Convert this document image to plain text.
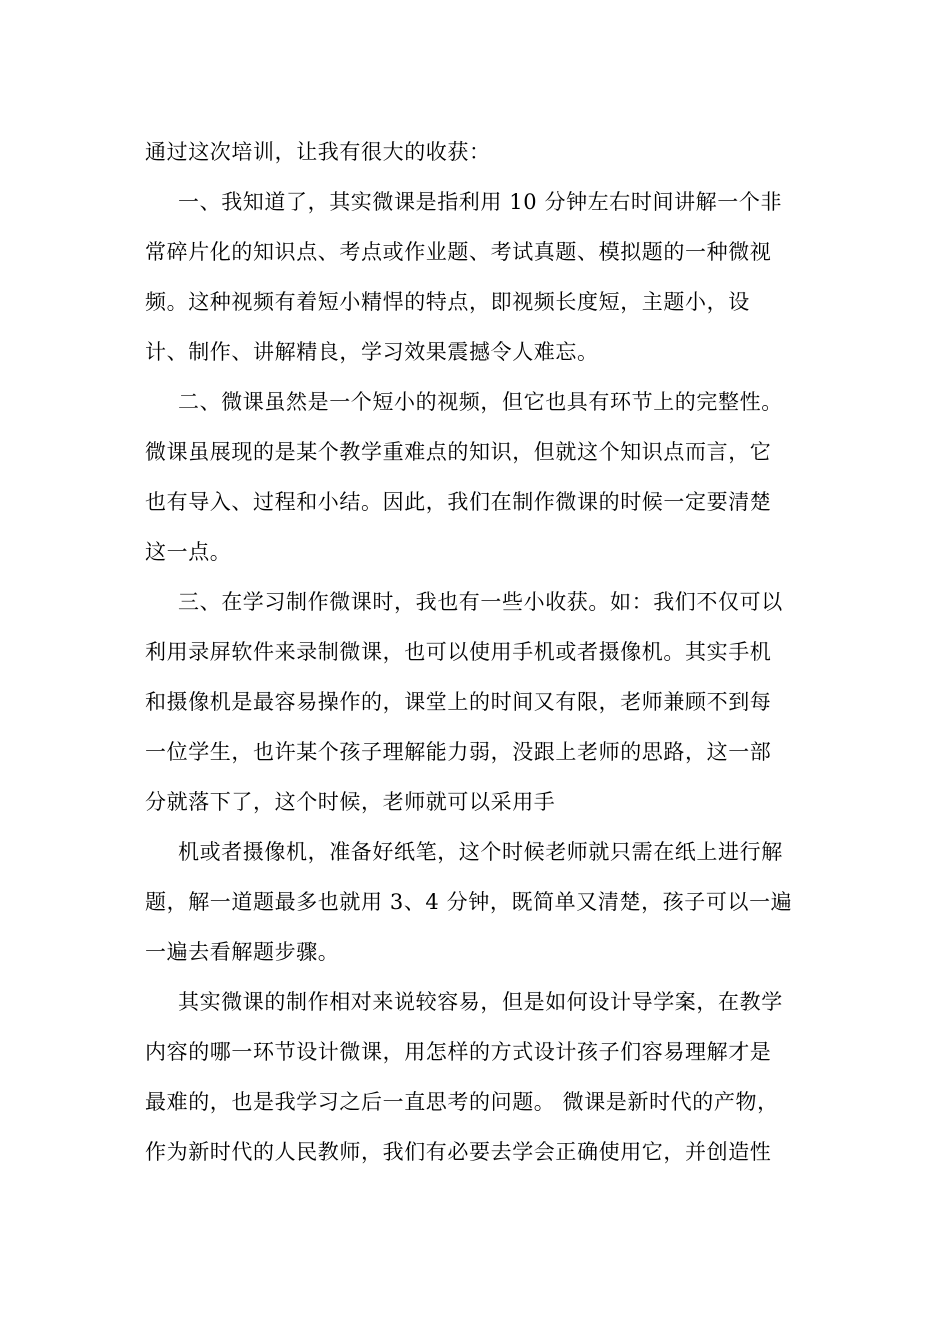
通过这次培训，让我有很大的收获：
一、我知道了，其实微课是指利用 10 分钟左右时间讲解一个非
常碎片化的知识点、考点或作业题、考试真题、模拟题的一种微视
频。这种视频有着短小精悍的特点，即视频长度短，主题小，设
计、制作、讲解精良，学习效果震撼令人难忘。
二、微课虽然是一个短小的视频，但它也具有环节上的完整性。
微课虽展现的是某个教学重难点的知识，但就这个知识点而言，它
也有导入、过程和小结。因此，我们在制作微课的时候一定要清楚
这一点。
三、在学习制作微课时，我也有一些小收获。如：我们不仅可以
利用录屏软件来录制微课，也可以使用手机或者摄像机。其实手机
和摄像机是最容易操作的，课堂上的时间又有限，老师兼顾不到每
一位学生，也许某个孩子理解能力弱，没跟上老师的思路，这一部
分就落下了，这个时候，老师就可以采用手
机或者摄像机，准备好纸笔，这个时候老师就只需在纸上进行解
题，解一道题最多也就用 3、4 分钟，既简单又清楚，孩子可以一遍
一遍去看解题步骤。
其实微课的制作相对来说较容易，但是如何设计导学案，在教学
内容的哪一环节设计微课，用怎样的方式设计孩子们容易理解才是
最难的，也是我学习之后一直思考的问题。 微课是新时代的产物，
作为新时代的人民教师，我们有必要去学会正确使用它，并创造性
